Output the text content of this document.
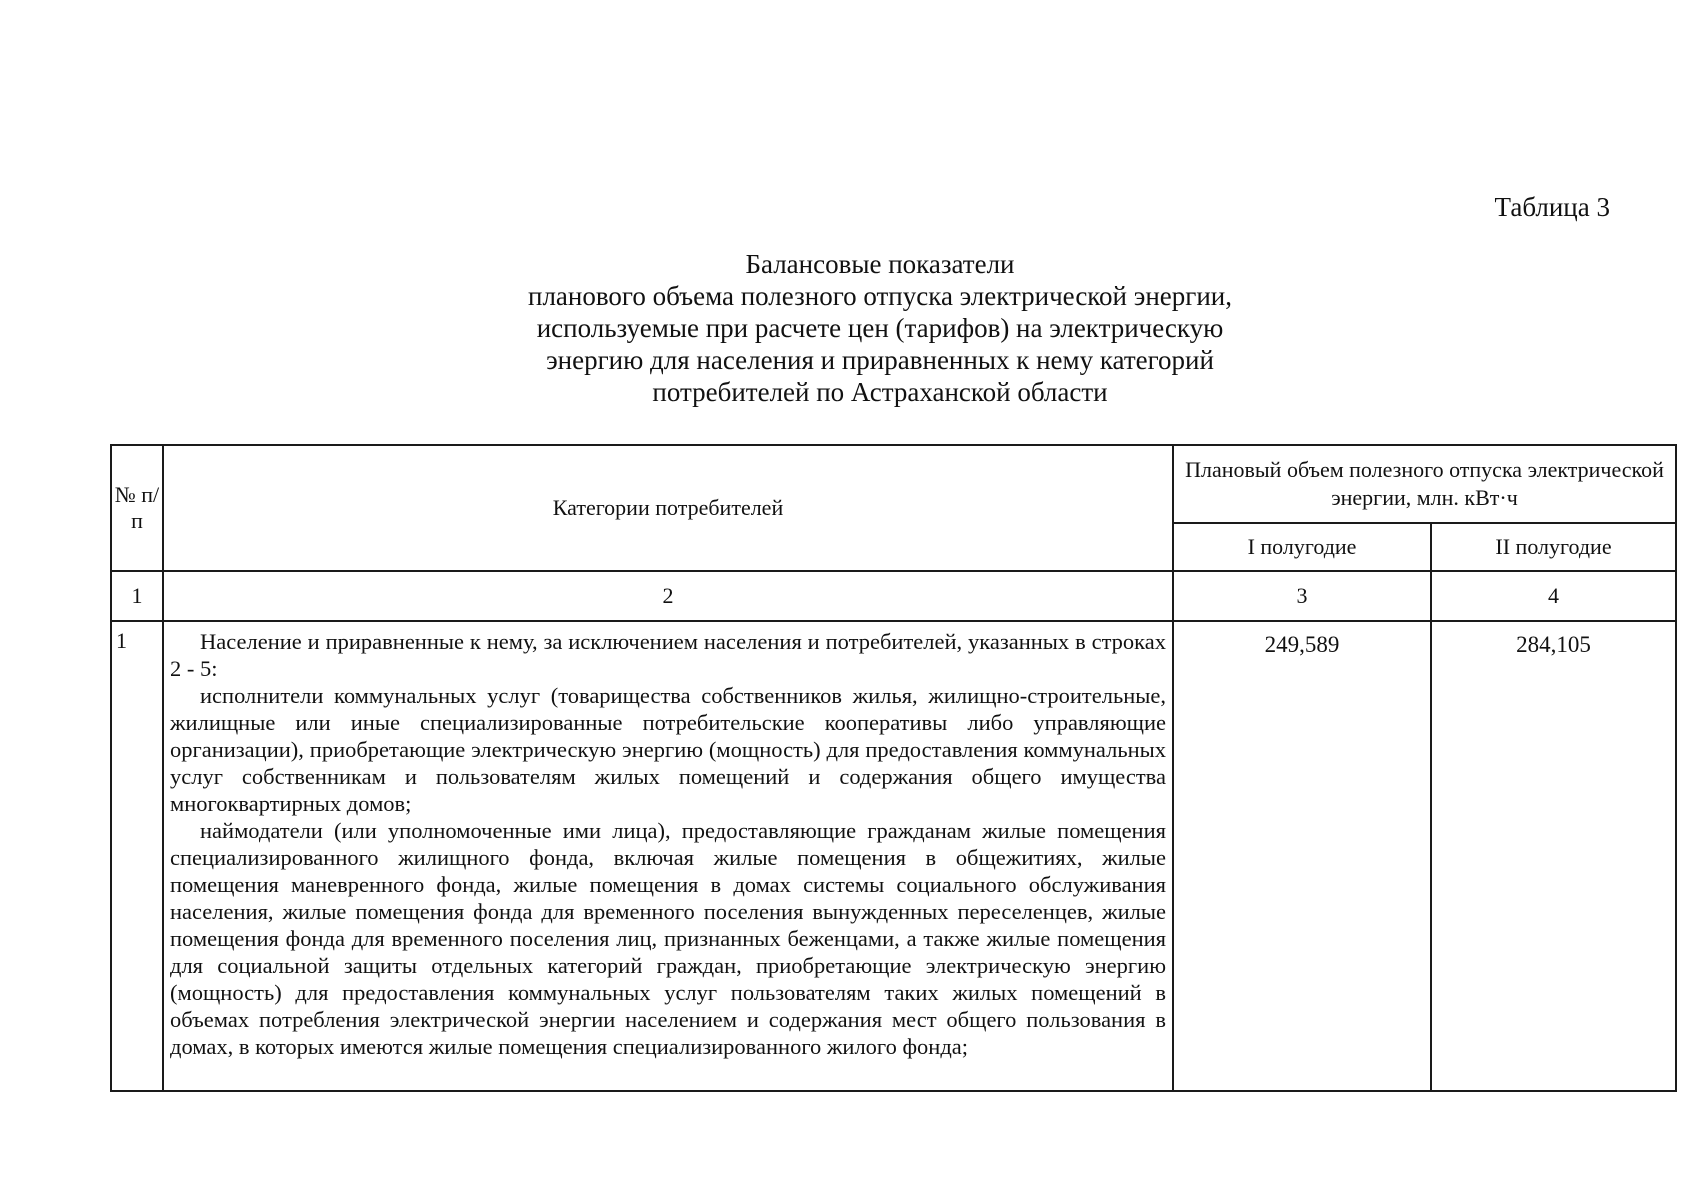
Таблица 3
Балансовые показатели
планового объема полезного отпуска электрической энергии,
используемые при расчете цен (тарифов) на электрическую
энергию для населения и приравненных к нему категорий
потребителей по Астраханской области
№ п/п	Категории потребителей	Плановый объем полезного отпуска электрической энергии, млн. кВт·ч	
		I полугодие	II полугодие
1	2	3	4
1	Население и приравненные к нему, за исключением населения и потребителей, указанных в строках 2 - 5:

исполнители коммунальных услуг (товарищества собственников жилья, жилищно-строительные, жилищные или иные специализированные потребительские кооперативы либо управляющие организации), приобретающие электрическую энергию (мощность) для предоставления коммунальных услуг собственникам и пользователям жилых помещений и содержания общего имущества многоквартирных домов;

наймодатели (или уполномоченные ими лица), предоставляющие гражданам жилые помещения специализированного жилищного фонда, включая жилые помещения в общежитиях, жилые помещения маневренного фонда, жилые помещения в домах системы социального обслуживания населения, жилые помещения фонда для временного поселения вынужденных переселенцев, жилые помещения фонда для временного поселения лиц, признанных беженцами, а также жилые помещения для социальной защиты отдельных категорий граждан, приобретающие электрическую энергию (мощность) для предоставления коммунальных услуг пользователям таких жилых помещений в объемах потребления электрической энергии населением и содержания мест общего пользования в домах, в которых имеются жилые помещения специализированного жилого фонда;	249,589	284,105
